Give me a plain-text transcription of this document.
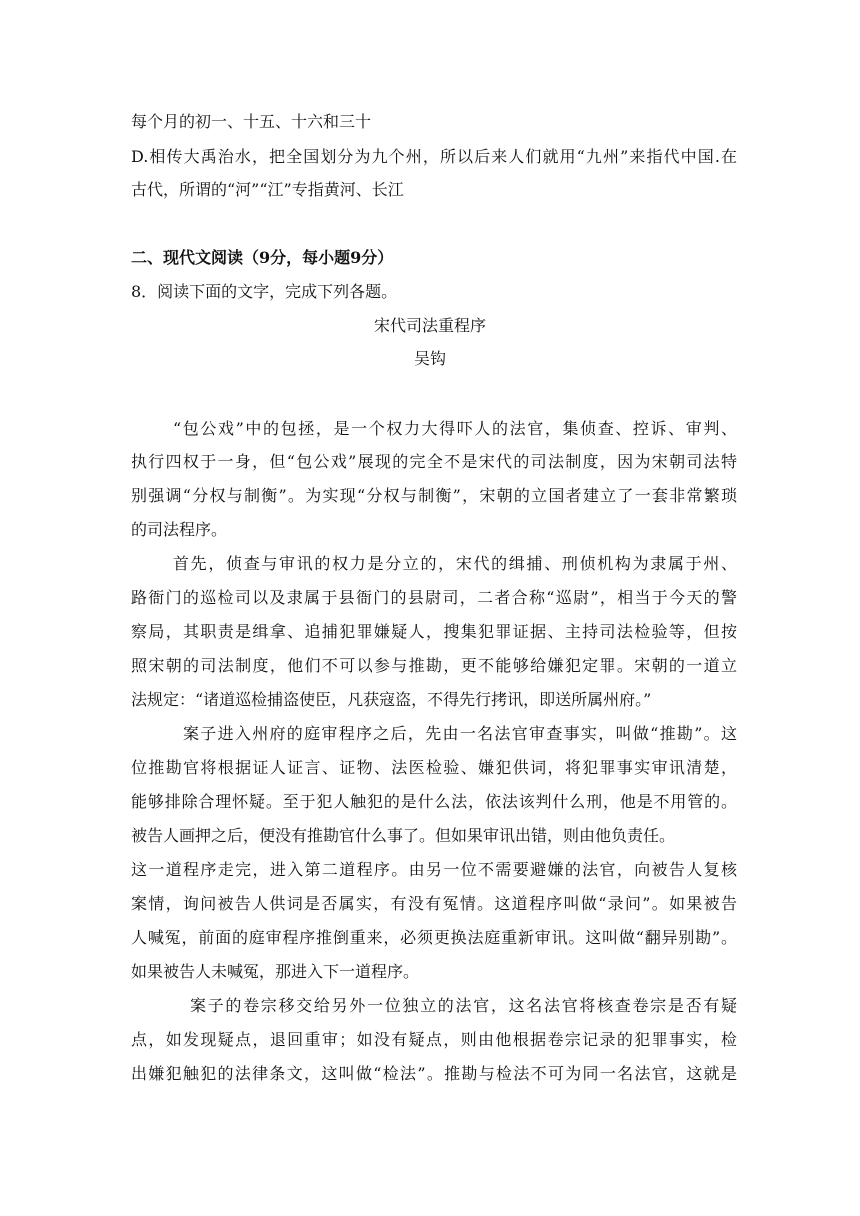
每个月的初一、十五、十六和三十
D.相传大禹治水，把全国划分为九个州，所以后来人们就用“九州”来指代中国.在
古代，所谓的“河”“江”专指黄河、长江
二、现代文阅读（9分，每小题9分）
8．阅读下面的文字，完成下列各题。
宋代司法重程序
吴钩
“包公戏”中的包拯，是一个权力大得吓人的法官，集侦查、控诉、审判、
执行四权于一身，但“包公戏”展现的完全不是宋代的司法制度，因为宋朝司法特
别强调“分权与制衡”。为实现“分权与制衡”，宋朝的立国者建立了一套非常繁琐
的司法程序。
首先，侦查与审讯的权力是分立的，宋代的缉捕、刑侦机构为隶属于州、
路衙门的巡检司以及隶属于县衙门的县尉司，二者合称“巡尉”，相当于今天的警
察局，其职责是缉拿、追捕犯罪嫌疑人，搜集犯罪证据、主持司法检验等，但按
照宋朝的司法制度，他们不可以参与推勘，更不能够给嫌犯定罪。宋朝的一道立
法规定：“诸道巡检捕盗使臣，凡获寇盗，不得先行拷讯，即送所属州府。”
案子进入州府的庭审程序之后，先由一名法官审查事实，叫做“推勘”。这
位推勘官将根据证人证言、证物、法医检验、嫌犯供词，将犯罪事实审讯清楚，
能够排除合理怀疑。至于犯人触犯的是什么法，依法该判什么刑，他是不用管的。
被告人画押之后，便没有推勘官什么事了。但如果审讯出错，则由他负责任。
这一道程序走完，进入第二道程序。由另一位不需要避嫌的法官，向被告人复核
案情，询问被告人供词是否属实，有没有冤情。这道程序叫做“录问”。如果被告
人喊冤，前面的庭审程序推倒重来，必须更换法庭重新审讯。这叫做“翻异别勘”。
如果被告人未喊冤，那进入下一道程序。
案子的卷宗移交给另外一位独立的法官，这名法官将核查卷宗是否有疑
点，如发现疑点，退回重审；如没有疑点，则由他根据卷宗记录的犯罪事实，检
出嫌犯触犯的法律条文，这叫做“检法”。推勘与检法不可为同一名法官，这就是
